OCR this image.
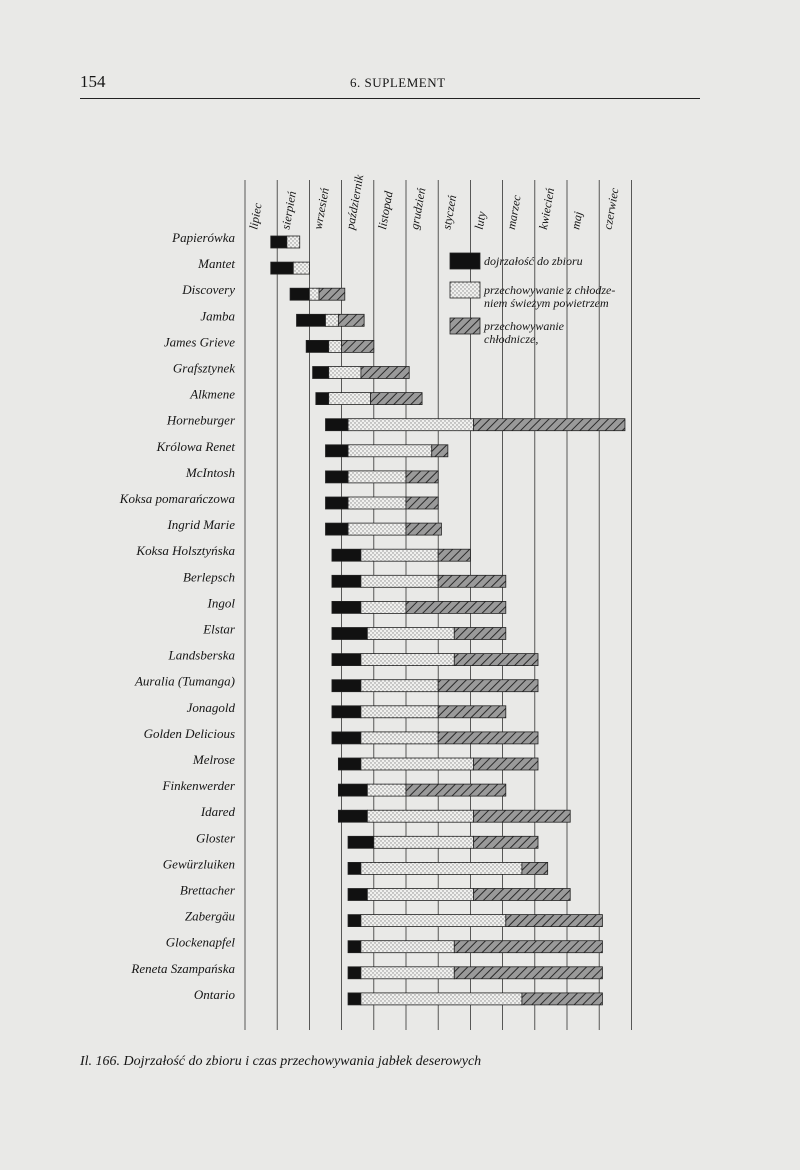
154	6. SUPLEMENT
lipiec sierpień wrzesień październik listopad grudzień styczeń luty marzec kwiecień maj czerwiec
Papierówka
Mantet
Discovery
Jamba
James Grieve
Grafsztynek
Alkmene
Horneburger
Królowa Renet
McIntosh
Koksa pomarańczowa
Ingrid Marie
Koksa Holsztyńska
Berlepsch
Ingol
Elstar
Landsberska
Auralia (Tumanga)
Jonagold
Golden Delicious
Melrose
Finkenwerder
Idared
Gloster
Gewürzluiken
Brettacher
Zabergäu
Glockenapfel
Reneta Szampańska
Ontario
dojrzałość do zbioru
przechowywanie z chłodze-
niem świeżym powietrzem
przechowywanie
chłodnicze,
Il. 166. Dojrzałość do zbioru i czas przechowywania jabłek deserowych
